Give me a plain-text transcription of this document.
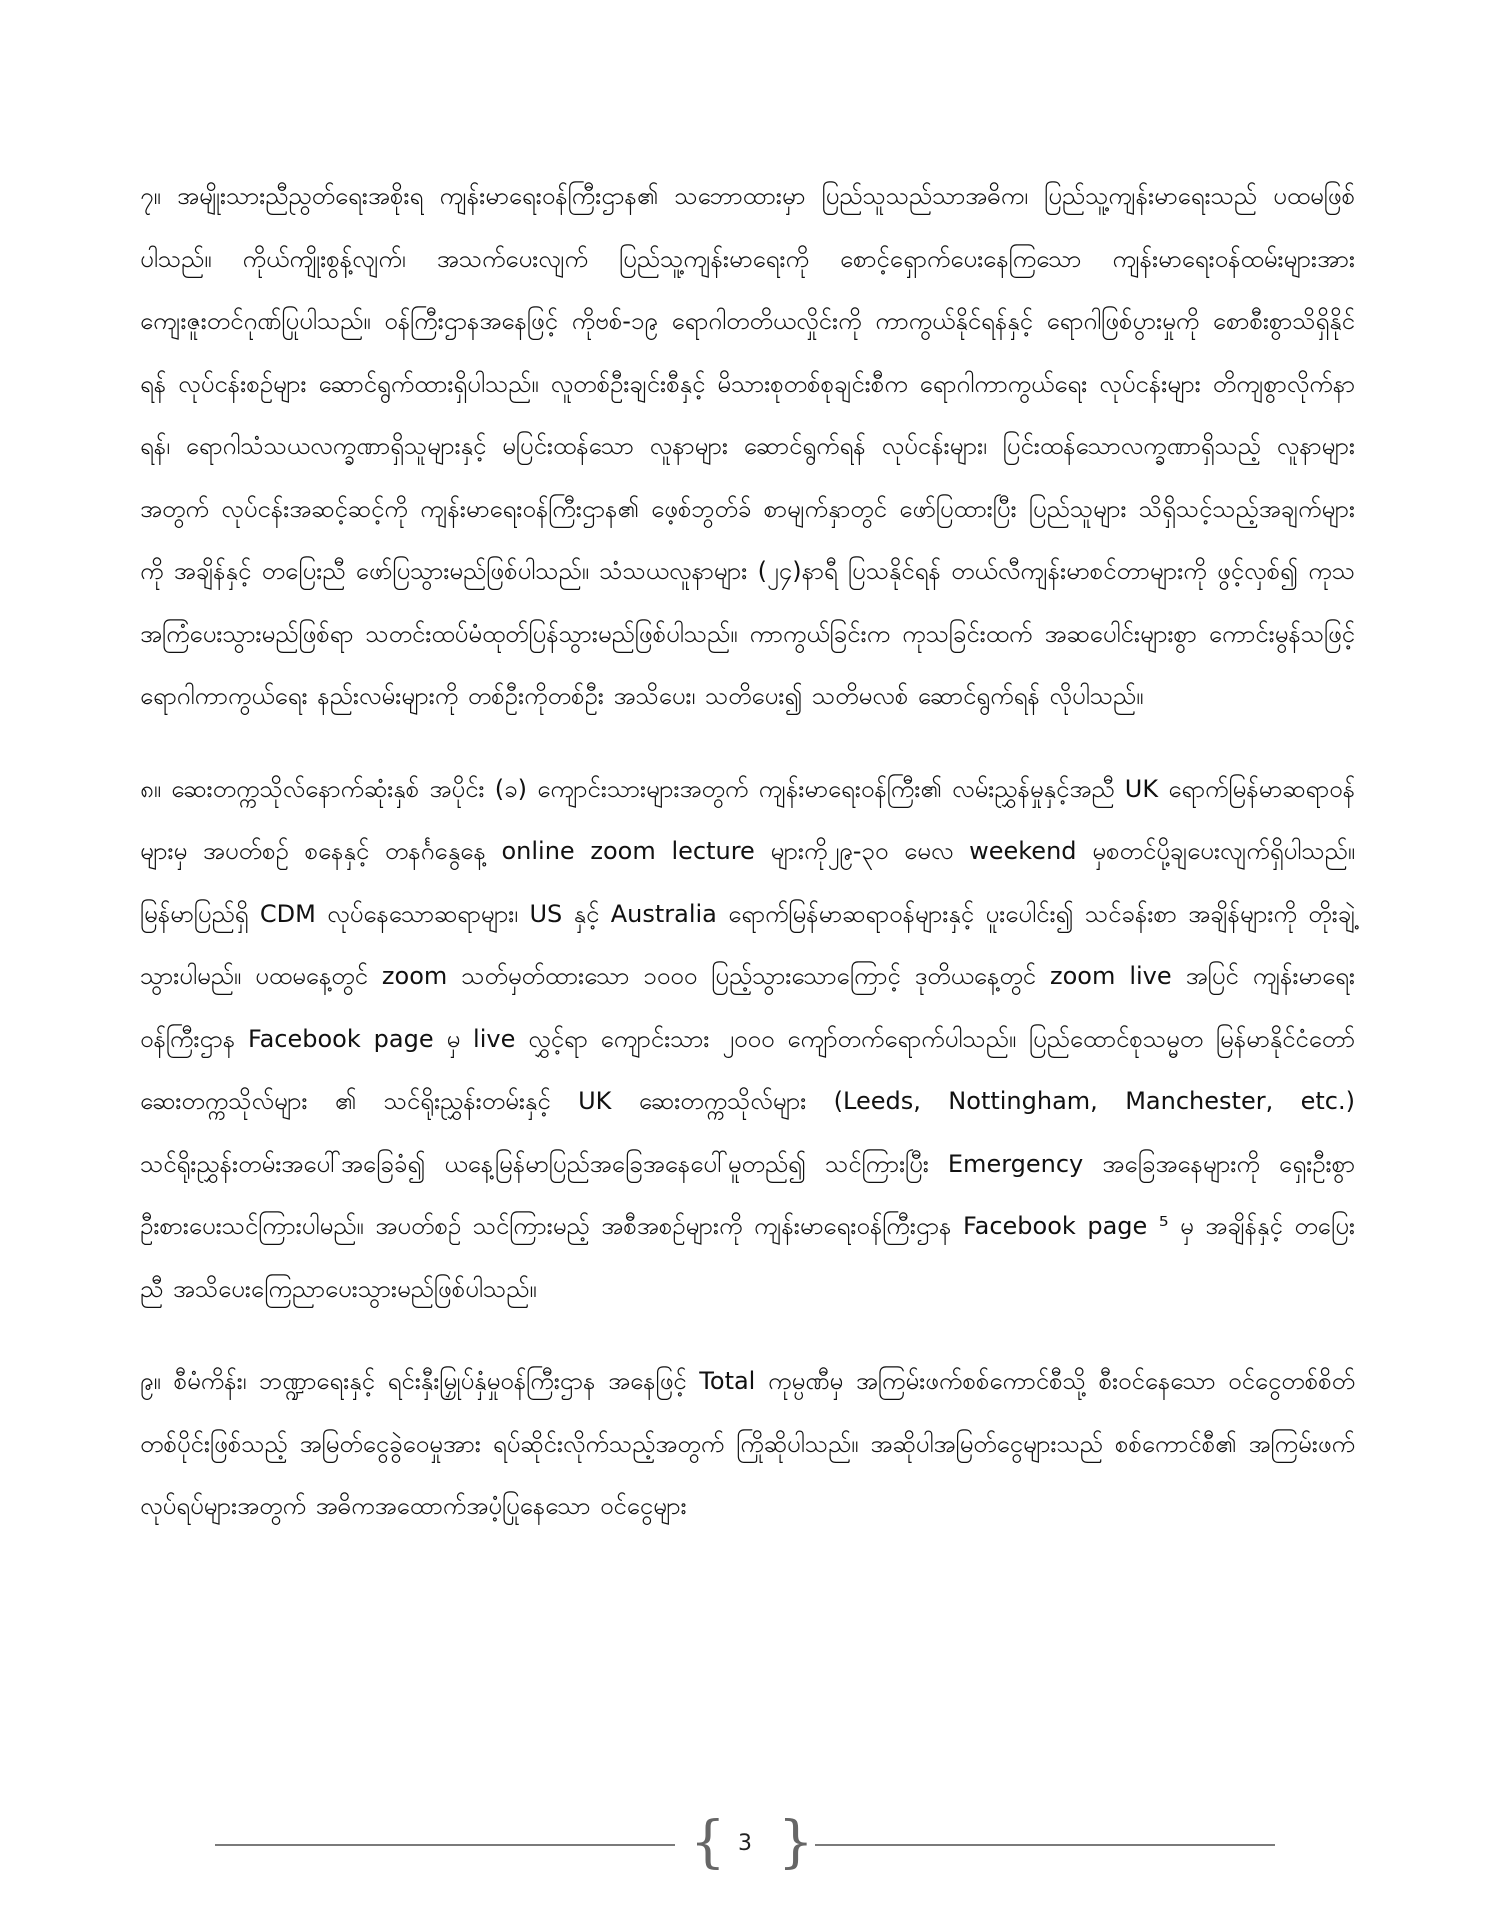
၇။ အမျိုးသားညီညွတ်ရေးအစိုးရ ကျန်းမာရေးဝန်ကြီးဌာန၏ သဘောထားမှာ ပြည်သူသည်သာအဓိက၊ ပြည်သူ့ကျန်းမာရေးသည် ပထမဖြစ်ပါသည်။ ကိုယ်ကျိုးစွန့်လျက်၊ အသက်ပေးလျက် ပြည်သူ့ကျန်းမာရေးကို စောင့်ရှောက်ပေးနေကြသော ကျန်းမာရေးဝန်ထမ်းများအား ကျေးဇူးတင်ဂုဏ်ပြုပါသည်။ ဝန်ကြီးဌာနအနေဖြင့် ကိုဗစ်-၁၉ ရောဂါတတိယလှိုင်းကို ကာကွယ်နိုင်ရန်နှင့် ရောဂါဖြစ်ပွားမှုကို စောစီးစွာသိရှိနိုင်ရန် လုပ်ငန်းစဉ်များ ဆောင်ရွက်ထားရှိပါသည်။ လူတစ်ဦးချင်းစီနှင့် မိသားစုတစ်စုချင်းစီက ရောဂါကာကွယ်ရေး လုပ်ငန်းများ တိကျစွာလိုက်နာရန်၊ ရောဂါသံသယလက္ခဏာရှိသူများနှင့် မပြင်းထန်သော လူနာများ ဆောင်ရွက်ရန် လုပ်ငန်းများ၊ ပြင်းထန်သောလက္ခဏာရှိသည့် လူနာများအတွက် လုပ်ငန်းအဆင့်ဆင့်ကို ကျန်းမာရေးဝန်ကြီးဌာန၏ ဖေ့စ်ဘွတ်ခ် စာမျက်နှာတွင် ဖော်ပြထားပြီး ပြည်သူများ သိရှိသင့်သည့်အချက်များကို အချိန်နှင့် တပြေးညီ ဖော်ပြသွားမည်ဖြစ်ပါသည်။ သံသယလူနာများ (၂၄)နာရီ ပြသနိုင်ရန် တယ်လီကျန်းမာစင်တာများကို ဖွင့်လှစ်၍ ကုသအကြံပေးသွားမည်ဖြစ်ရာ သတင်းထပ်မံထုတ်ပြန်သွားမည်ဖြစ်ပါသည်။ ကာကွယ်ခြင်းက ကုသခြင်းထက် အဆပေါင်းများစွာ ကောင်းမွန်သဖြင့် ရောဂါကာကွယ်ရေး နည်းလမ်းများကို တစ်ဦးကိုတစ်ဦး အသိပေး၊ သတိပေး၍ သတိမလစ် ဆောင်ရွက်ရန် လိုပါသည်။

၈။ ဆေးတက္ကသိုလ်နောက်ဆုံးနှစ် အပိုင်း (ခ) ကျောင်းသားများအတွက် ကျန်းမာရေးဝန်ကြီး၏ လမ်းညွှန်မှုနှင့်အညီ UK ရောက်မြန်မာဆရာဝန်များမှ အပတ်စဉ် စနေနှင့် တနင်္ဂနွေနေ့ online zoom lecture များကို၂၉-၃၀ မေလ weekend မှစတင်ပို့ချပေးလျက်ရှိပါသည်။ မြန်မာပြည်ရှိ CDM လုပ်နေသောဆရာများ၊ US နှင့် Australia ရောက်မြန်မာဆရာဝန်များနှင့် ပူးပေါင်း၍ သင်ခန်းစာ အချိန်များကို တိုးချဲ့သွားပါမည်။ ပထမနေ့တွင် zoom သတ်မှတ်ထားသော ၁၀၀၀ ပြည့်သွားသောကြောင့် ဒုတိယနေ့တွင် zoom live အပြင် ကျန်းမာရေးဝန်ကြီးဌာန Facebook page မှ live လွှင့်ရာ ကျောင်းသား ၂၀၀၀ ကျော်တက်ရောက်ပါသည်။ ပြည်ထောင်စုသမ္မတ မြန်မာနိုင်ငံတော် ဆေးတက္ကသိုလ်များ ၏ သင်ရိုးညွှန်းတမ်းနှင့် UK ဆေးတက္ကသိုလ်များ (Leeds, Nottingham, Manchester, etc.) သင်ရိုးညွှန်းတမ်းအပေါ်အခြေခံ၍ ယနေ့မြန်မာပြည်အခြေအနေပေါ်မူတည်၍ သင်ကြားပြီး Emergency အခြေအနေများကို ရှေးဦးစွာ ဦးစားပေးသင်ကြားပါမည်။ အပတ်စဉ် သင်ကြားမည့် အစီအစဉ်များကို ကျန်းမာရေးဝန်ကြီးဌာန Facebook page ⁵ မှ အချိန်နှင့် တပြေးညီ အသိပေးကြေညာပေးသွားမည်ဖြစ်ပါသည်။

၉။ စီမံကိန်း၊ ဘဏ္ဍာရေးနှင့် ရင်းနှီးမြှုပ်နှံမှုဝန်ကြီးဌာန အနေဖြင့် Total ကုမ္ပဏီမှ အကြမ်းဖက်စစ်ကောင်စီသို့ စီးဝင်နေသော ဝင်ငွေတစ်စိတ်တစ်ပိုင်းဖြစ်သည့် အမြတ်ငွေခွဲဝေမှုအား ရပ်ဆိုင်းလိုက်သည့်အတွက် ကြိုဆိုပါသည်။ အဆိုပါအမြတ်ငွေများသည် စစ်ကောင်စီ၏ အကြမ်းဖက်လုပ်ရပ်များအတွက် အဓိကအထောက်အပံ့ပြုနေသော ဝင်ငွေများ

{ 3 }
